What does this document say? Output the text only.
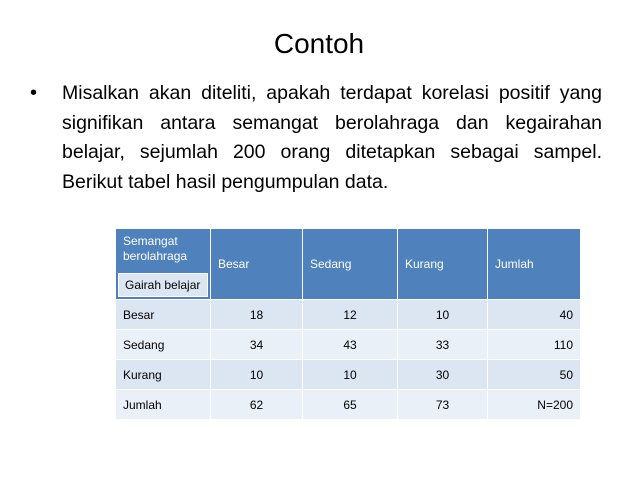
Contoh
•	Misalkan akan diteliti, apakah terdapat korelasi positif yang signifikan antara semangat berolahraga dan kegairahan belajar, sejumlah 200 orang ditetapkan sebagai sampel. Berikut tabel hasil pengumpulan data.
Semangat berolahraga
Gairah belajar	Besar	Sedang	Kurang	Jumlah
Besar	18	12	10	40
Sedang	34	43	33	110
Kurang	10	10	30	50
Jumlah	62	65	73	N=200
